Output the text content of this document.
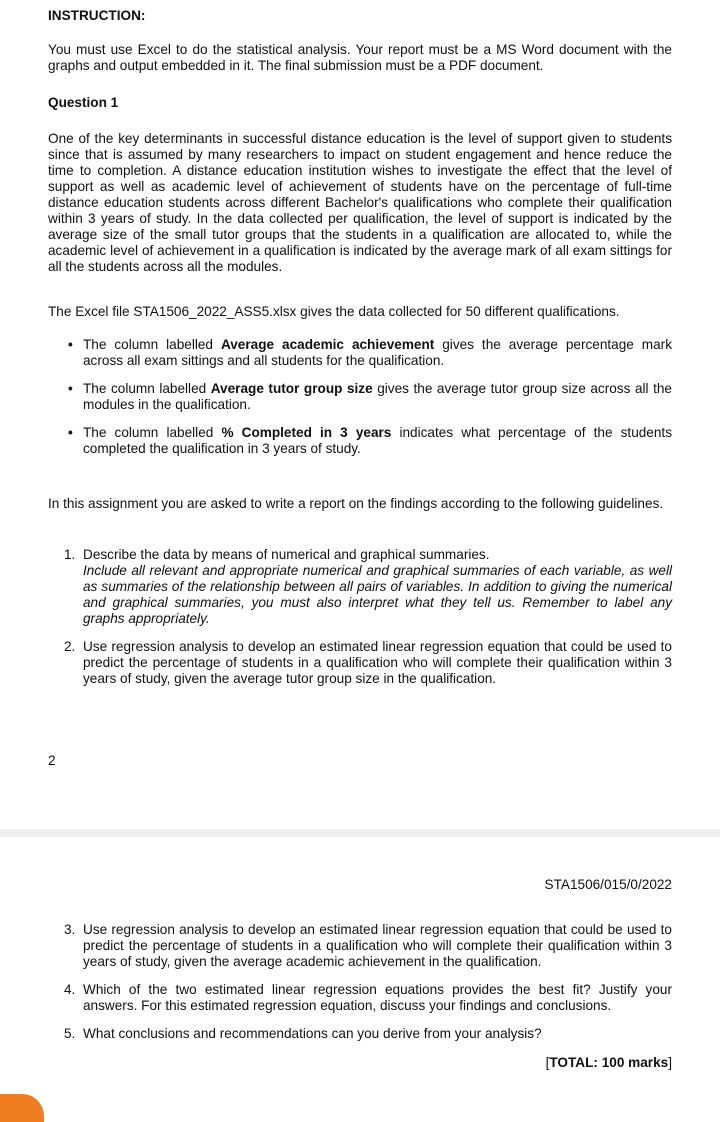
INSTRUCTION:

You must use Excel to do the statistical analysis. Your report must be a MS Word document with the graphs and output embedded in it. The final submission must be a PDF document.

Question 1

One of the key determinants in successful distance education is the level of support given to students since that is assumed by many researchers to impact on student engagement and hence reduce the time to completion. A distance education institution wishes to investigate the effect that the level of support as well as academic level of achievement of students have on the percentage of full-time distance education students across different Bachelor's qualifications who complete their qualification within 3 years of study. In the data collected per qualification, the level of support is indicated by the average size of the small tutor groups that the students in a qualification are allocated to, while the academic level of achievement in a qualification is indicated by the average mark of all exam sittings for all the students across all the modules.

The Excel file STA1506_2022_ASS5.xlsx gives the data collected for 50 different qualifications.

• The column labelled Average academic achievement gives the average percentage mark across all exam sittings and all students for the qualification.
• The column labelled Average tutor group size gives the average tutor group size across all the modules in the qualification.
• The column labelled % Completed in 3 years indicates what percentage of the students completed the qualification in 3 years of study.

In this assignment you are asked to write a report on the findings according to the following guidelines.

1. Describe the data by means of numerical and graphical summaries.
Include all relevant and appropriate numerical and graphical summaries of each variable, as well as summaries of the relationship between all pairs of variables. In addition to giving the numerical and graphical summaries, you must also interpret what they tell us. Remember to label any graphs appropriately.
2. Use regression analysis to develop an estimated linear regression equation that could be used to predict the percentage of students in a qualification who will complete their qualification within 3 years of study, given the average tutor group size in the qualification.
2
STA1506/015/0/2022
3. Use regression analysis to develop an estimated linear regression equation that could be used to predict the percentage of students in a qualification who will complete their qualification within 3 years of study, given the average academic achievement in the qualification.
4. Which of the two estimated linear regression equations provides the best fit? Justify your answers. For this estimated regression equation, discuss your findings and conclusions.
5. What conclusions and recommendations can you derive from your analysis?
[TOTAL: 100 marks]
